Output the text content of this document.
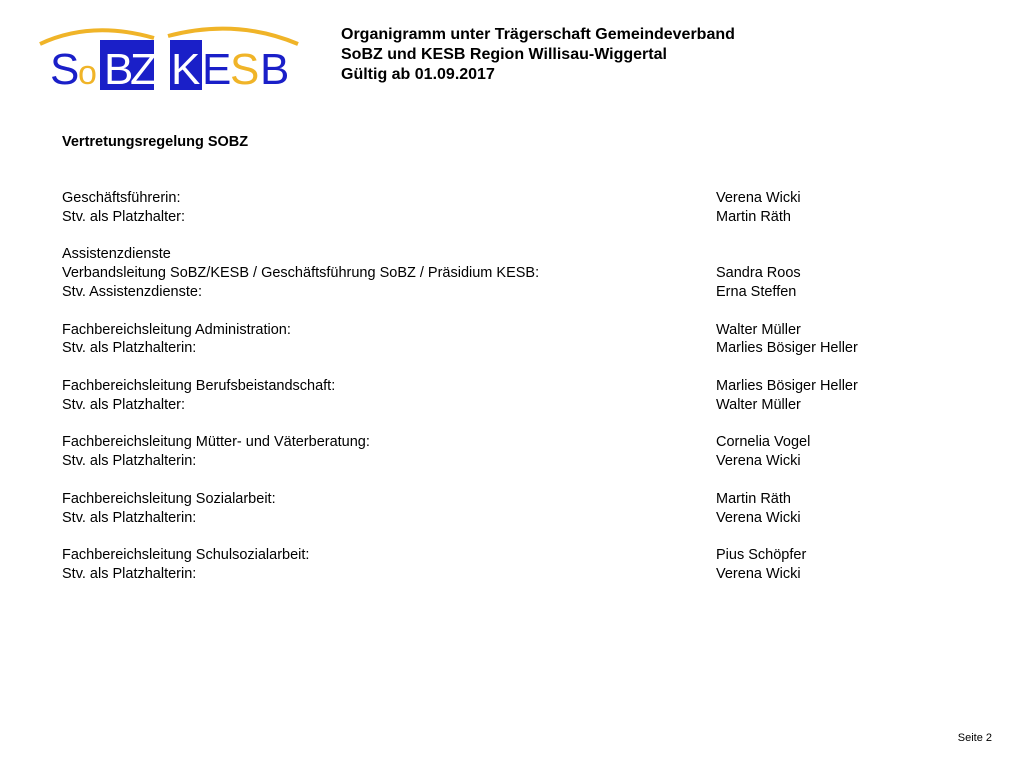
S
o B
Z K E
S B
Organigramm unter Trägerschaft Gemeindeverband
SoBZ und KESB Region Willisau-Wiggertal
Gültig ab 01.09.2017
Vertretungsregelung SOBZ
Geschäftsführerin:	Verena Wicki
Stv. als Platzhalter:	Martin Räth
Assistenzdienste
Verbandsleitung SoBZ/KESB / Geschäftsführung SoBZ / Präsidium KESB:	Sandra Roos
Stv. Assistenzdienste:	Erna Steffen
Fachbereichsleitung Administration:	Walter Müller
Stv. als Platzhalterin:	Marlies Bösiger Heller
Fachbereichsleitung Berufsbeistandschaft:	Marlies Bösiger Heller
Stv. als Platzhalter:	Walter Müller
Fachbereichsleitung Mütter- und Väterberatung:	Cornelia Vogel
Stv. als Platzhalterin:	Verena Wicki
Fachbereichsleitung Sozialarbeit:	Martin Räth
Stv. als Platzhalterin:	Verena Wicki
Fachbereichsleitung Schulsozialarbeit:	Pius Schöpfer
Stv. als Platzhalterin:	Verena Wicki
Seite 2
